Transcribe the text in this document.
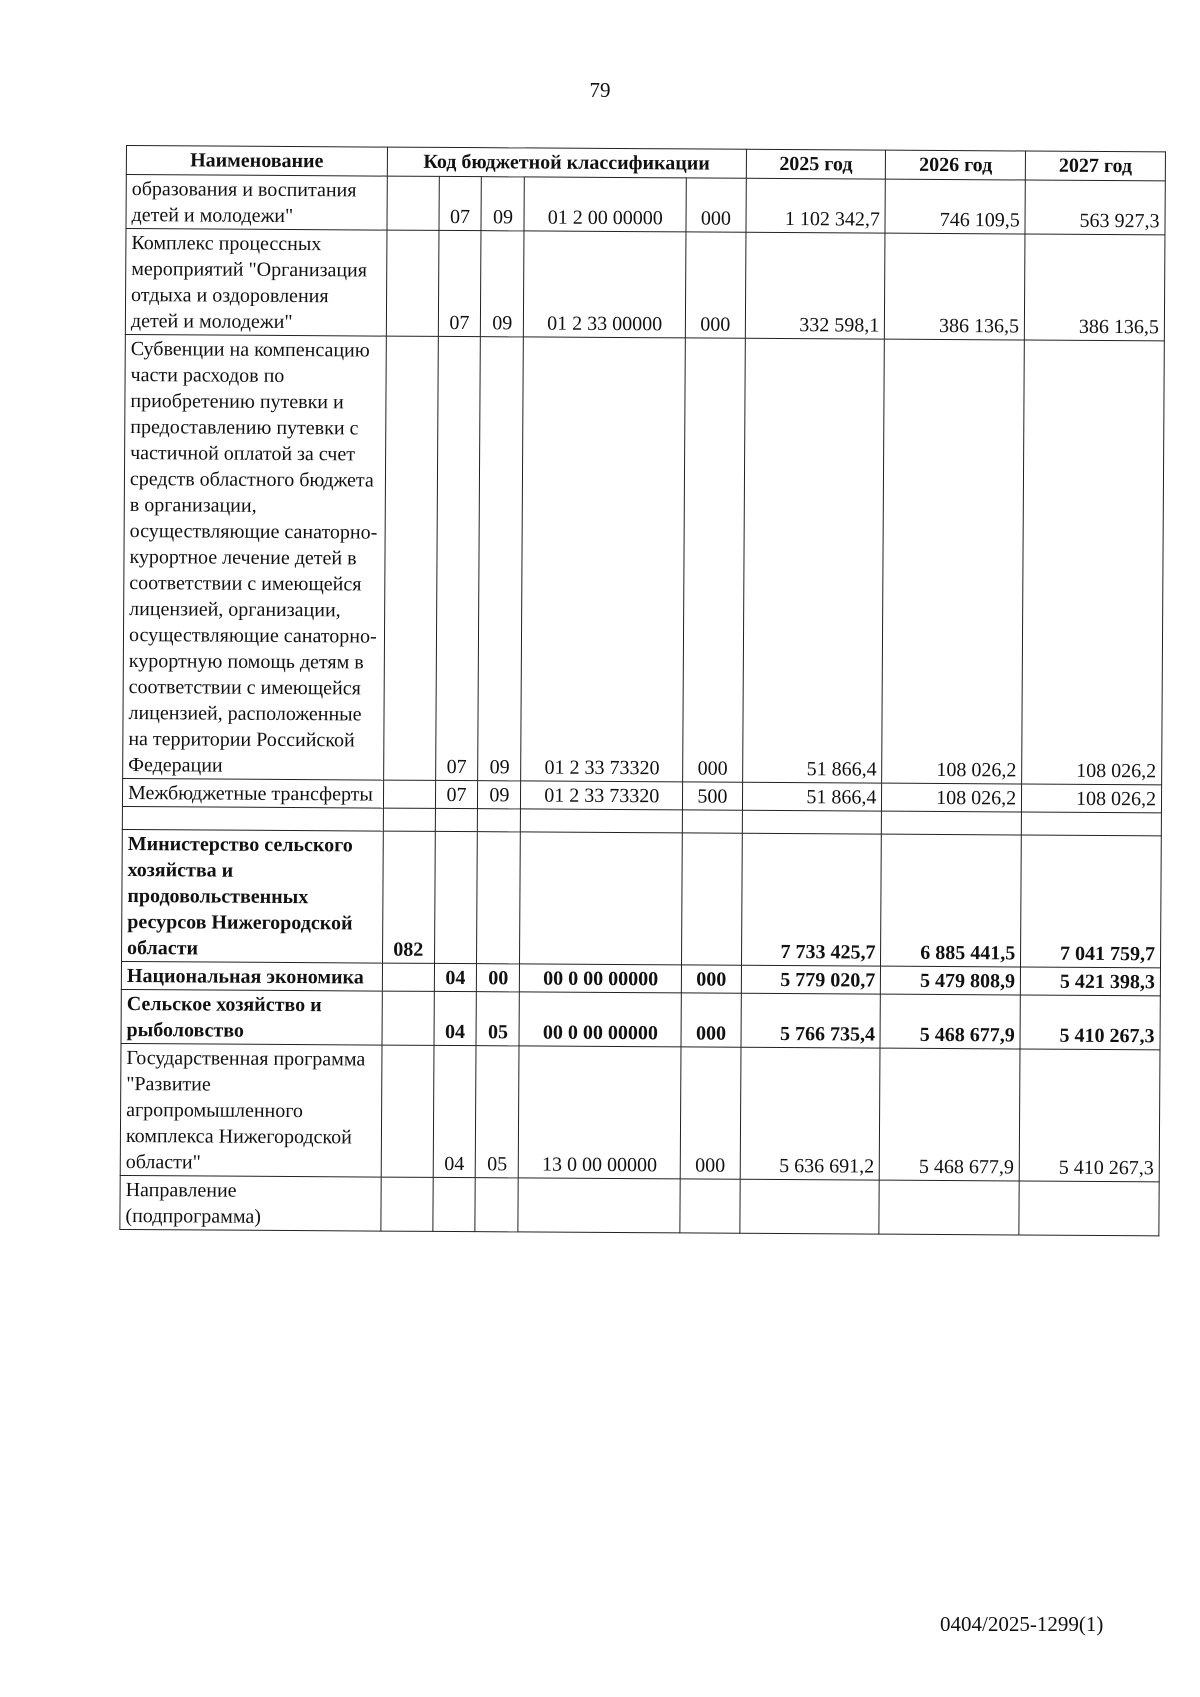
79
Наименование	Код бюджетной классификации					2025 год	2026 год	2027 год
образования и воспитания детей и молодежи"		07	09	01 2 00 00000	000	1 102 342,7	746 109,5	563 927,3
Комплекс процессных мероприятий "Организация отдыха и оздоровления детей и молодежи"		07	09	01 2 33 00000	000	332 598,1	386 136,5	386 136,5
Субвенции на компенсацию части расходов по приобретению путевки и предоставлению путевки с частичной оплатой за счет средств областного бюджета в организации, осуществляющие санаторно-курортное лечение детей в соответствии с имеющейся лицензией, организации, осуществляющие санаторно-курортную помощь детям в соответствии с имеющейся лицензией, расположенные на территории Российской Федерации		07	09	01 2 33 73320	000	51 866,4	108 026,2	108 026,2
Межбюджетные трансферты		07	09	01 2 33 73320	500	51 866,4	108 026,2	108 026,2

Министерство сельского хозяйства и продовольственных ресурсов Нижегородской области	082					7 733 425,7	6 885 441,5	7 041 759,7
Национальная экономика		04	00	00 0 00 00000	000	5 779 020,7	5 479 808,9	5 421 398,3
Сельское хозяйство и рыболовство		04	05	00 0 00 00000	000	5 766 735,4	5 468 677,9	5 410 267,3
Государственная программа "Развитие агропромышленного комплекса Нижегородской области"		04	05	13 0 00 00000	000	5 636 691,2	5 468 677,9	5 410 267,3
Направление (подпрограмма)								
0404/2025-1299(1)
